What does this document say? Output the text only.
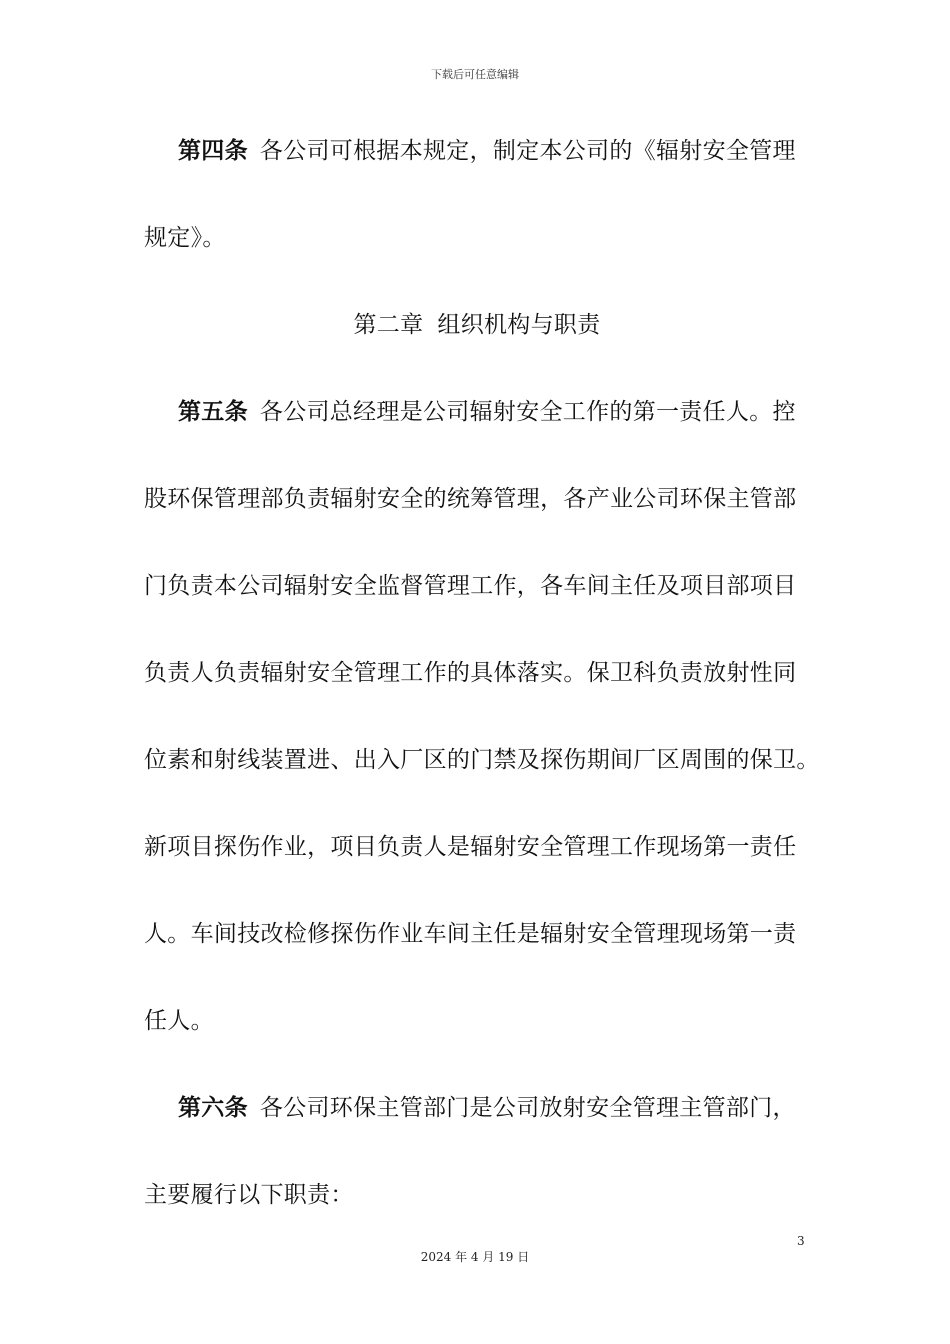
下载后可任意编辑
第四条 各公司可根据本规定，制定本公司的《辐射安全管理
规定》。
第二章 组织机构与职责
第五条 各公司总经理是公司辐射安全工作的第一责任人。控
股环保管理部负责辐射安全的统筹管理，各产业公司环保主管部
门负责本公司辐射安全监督管理工作，各车间主任及项目部项目
负责人负责辐射安全管理工作的具体落实。保卫科负责放射性同
位素和射线装置进、出入厂区的门禁及探伤期间厂区周围的保卫。
新项目探伤作业，项目负责人是辐射安全管理工作现场第一责任
人。车间技改检修探伤作业车间主任是辐射安全管理现场第一责
任人。
第六条 各公司环保主管部门是公司放射安全管理主管部门，
主要履行以下职责：
3
2024 年 4 月 19 日
